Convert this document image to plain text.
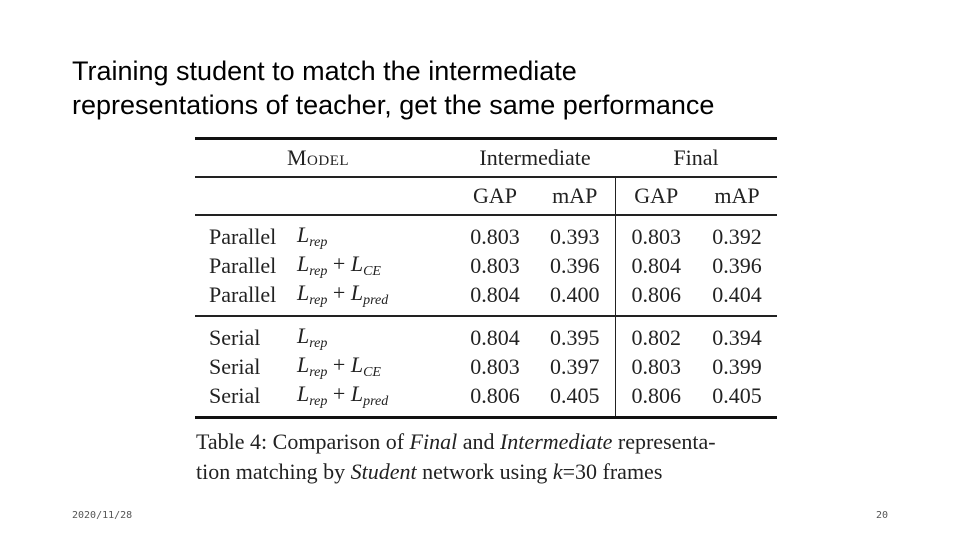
Training student to match the intermediate
representations of teacher, get the same performance
Model		Intermediate		Final	
		GAP	mAP	GAP	mAP
Parallel	$L_{rep}$	0.803	0.393	0.803	0.392
Parallel	$L_{rep} + L_{CE}$	0.803	0.396	0.804	0.396
Parallel	$L_{rep} + L_{pred}$	0.804	0.400	0.806	0.404
Serial	$L_{rep}$	0.804	0.395	0.802	0.394
Serial	$L_{rep} + L_{CE}$	0.803	0.397	0.803	0.399
Serial	$L_{rep} + L_{pred}$	0.806	0.405	0.806	0.405
Table 4: Comparison of Final and Intermediate representa-
tion matching by Student network using k=30 frames
2020/11/28	20
